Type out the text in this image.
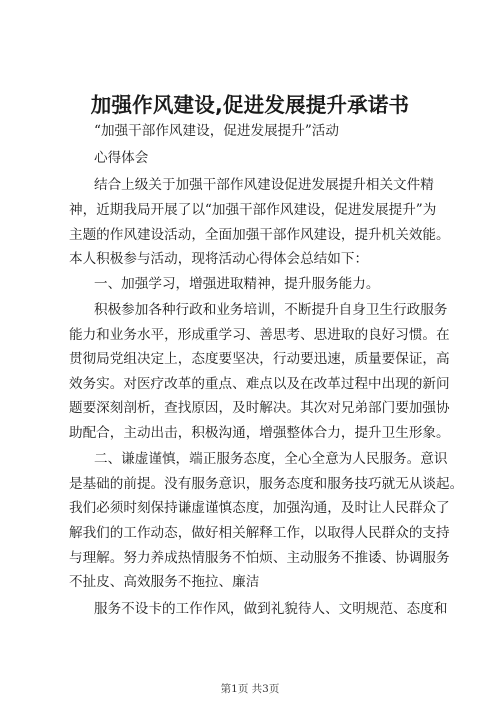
加强作风建设,促进发展提升承诺书
“加强干部作风建设，促进发展提升”活动
心得体会
结合上级关于加强干部作风建设促进发展提升相关文件精
神，近期我局开展了以“加强干部作风建设，促进发展提升”为
主题的作风建设活动，全面加强干部作风建设，提升机关效能。
本人积极参与活动，现将活动心得体会总结如下：
一、加强学习，增强进取精神，提升服务能力。
积极参加各种行政和业务培训，不断提升自身卫生行政服务
能力和业务水平，形成重学习、善思考、思进取的良好习惯。在
贯彻局党组决定上，态度要坚决，行动要迅速，质量要保证，高
效务实。对医疗改革的重点、难点以及在改革过程中出现的新问
题要深刻剖析，查找原因，及时解决。其次对兄弟部门要加强协
助配合，主动出击，积极沟通，增强整体合力，提升卫生形象。
二、谦虚谨慎，端正服务态度，全心全意为人民服务。意识
是基础的前提。没有服务意识，服务态度和服务技巧就无从谈起。
我们必须时刻保持谦虚谨慎态度，加强沟通，及时让人民群众了
解我们的工作动态，做好相关解释工作，以取得人民群众的支持
与理解。努力养成热情服务不怕烦、主动服务不推诿、协调服务
不扯皮、高效服务不拖拉、廉洁
服务不设卡的工作作风，做到礼貌待人、文明规范、态度和
第1页 共3页
